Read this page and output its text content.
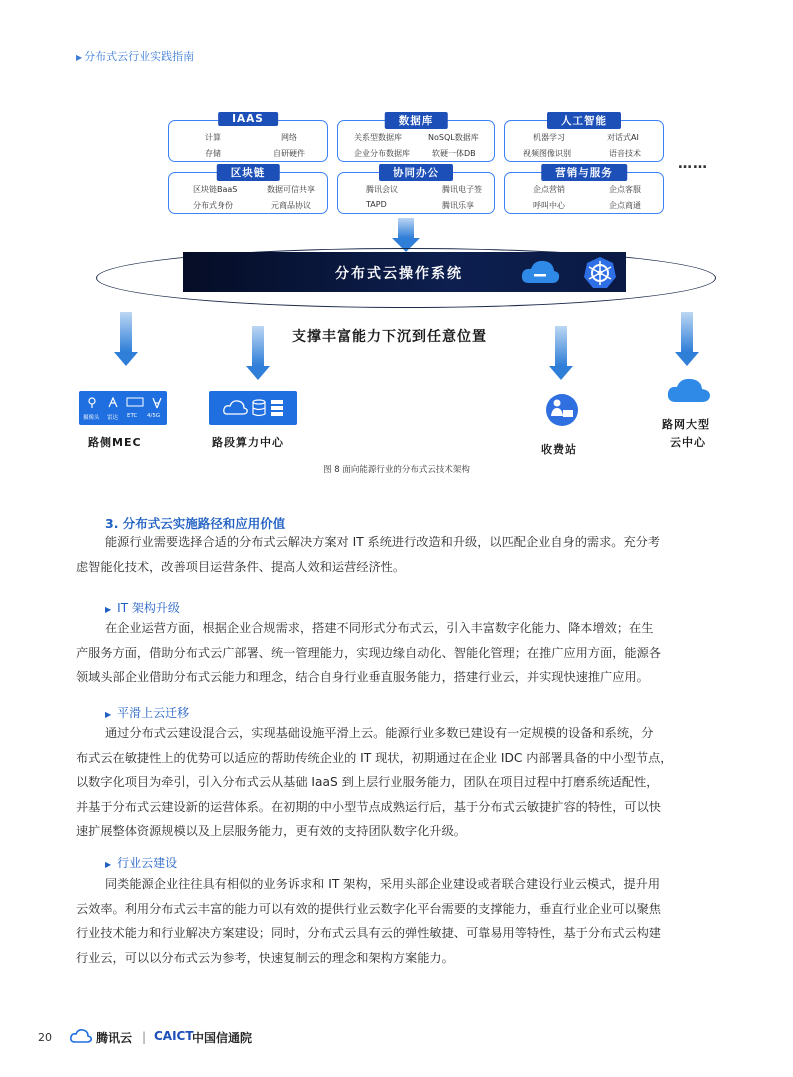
▶ 分布式云行业实践指南
IAAS
计算	网络
存储	自研硬件
数据库
关系型数据库	NoSQL数据库
企业分布数据库	软硬一体DB
人工智能
机器学习	对话式AI
视频图像识别	语音技术
区块链
区块链BaaS	数据可信共享
分布式身份	元商品协议
协同办公
腾讯会议	腾讯电子签
TAPD	腾讯乐享
营销与服务
企点营销	企点客服
呼叫中心	企点商通
……
分布式云操作系统
支撑丰富能力下沉到任意位置
摄像头 雷达 ETC 4/5G
路侧MEC	路段算力中心
收费站
路网大型
云中心
图 8 面向能源行业的分布式云技术架构
3. 分布式云实施路径和应用价值
能源行业需要选择合适的分布式云解决方案对 IT 系统进行改造和升级，以匹配企业自身的需求。充分考
虑智能化技术，改善项目运营条件、提高人效和运营经济性。
▶ IT 架构升级
在企业运营方面，根据企业合规需求，搭建不同形式分布式云，引入丰富数字化能力、降本增效；在生
产服务方面，借助分布式云广部署、统一管理能力，实现边缘自动化、智能化管理；在推广应用方面，能源各
领域头部企业借助分布式云能力和理念，结合自身行业垂直服务能力，搭建行业云，并实现快速推广应用。
▶ 平滑上云迁移
通过分布式云建设混合云，实现基础设施平滑上云。能源行业多数已建设有一定规模的设备和系统，分
布式云在敏捷性上的优势可以适应的帮助传统企业的 IT 现状，初期通过在企业 IDC 内部署具备的中小型节点，
以数字化项目为牵引，引入分布式云从基础 IaaS 到上层行业服务能力，团队在项目过程中打磨系统适配性，
并基于分布式云建设新的运营体系。在初期的中小型节点成熟运行后，基于分布式云敏捷扩容的特性，可以快
速扩展整体资源规模以及上层服务能力，更有效的支持团队数字化升级。
▶ 行业云建设
同类能源企业往往具有相似的业务诉求和 IT 架构，采用头部企业建设或者联合建设行业云模式，提升用
云效率。利用分布式云丰富的能力可以有效的提供行业云数字化平台需要的支撑能力，垂直行业企业可以聚焦
行业技术能力和行业解决方案建设；同时，分布式云具有云的弹性敏捷、可靠易用等特性，基于分布式云构建
行业云，可以以分布式云为参考，快速复制云的理念和架构方案能力。
20	腾讯云 | CAICT
中国信通院
